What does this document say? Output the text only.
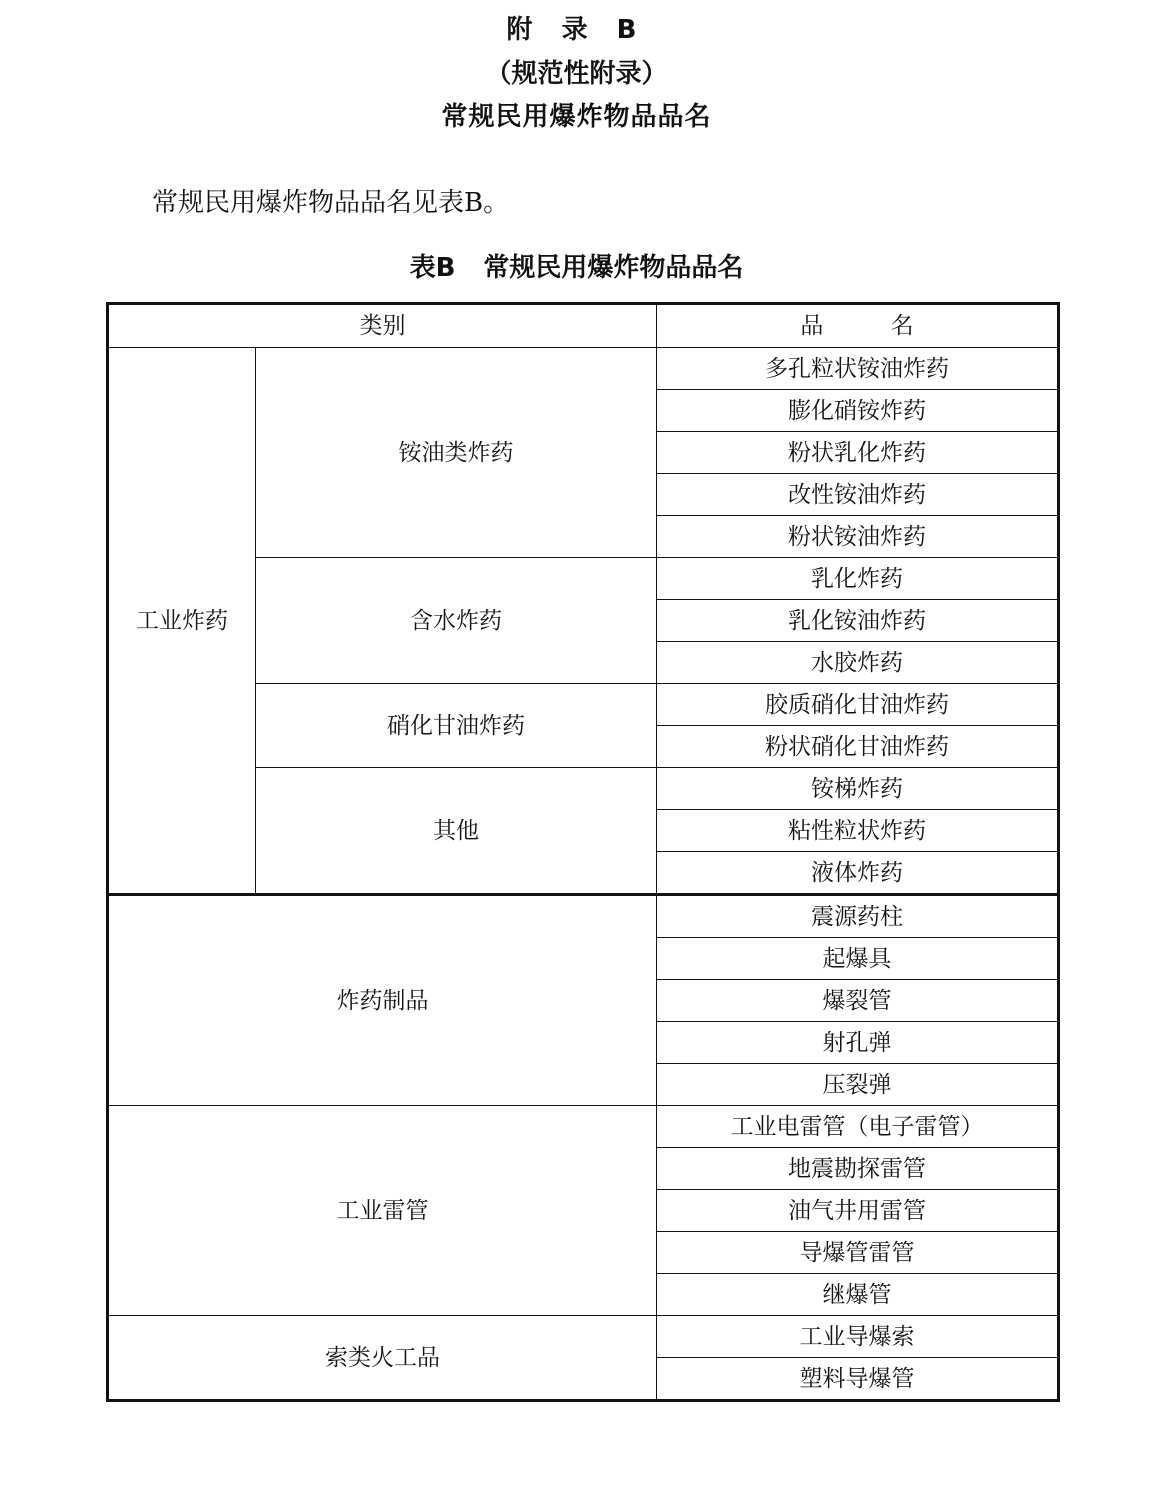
附 录 B
（规范性附录）
常规民用爆炸物品品名
常规民用爆炸物品品名见表B。
表B 常规民用爆炸物品品名
类别		品 名
工业炸药	铵油类炸药	多孔粒状铵油炸药
		膨化硝铵炸药
		粉状乳化炸药
		改性铵油炸药
		粉状铵油炸药
	含水炸药	乳化炸药
		乳化铵油炸药
		水胶炸药
	硝化甘油炸药	胶质硝化甘油炸药
		粉状硝化甘油炸药
	其他	铵梯炸药
		粘性粒状炸药
		液体炸药
炸药制品		震源药柱
		起爆具
		爆裂管
		射孔弹
		压裂弹
工业雷管		工业电雷管（电子雷管）
		地震勘探雷管
		油气井用雷管
		导爆管雷管
		继爆管
索类火工品		工业导爆索
		塑料导爆管
